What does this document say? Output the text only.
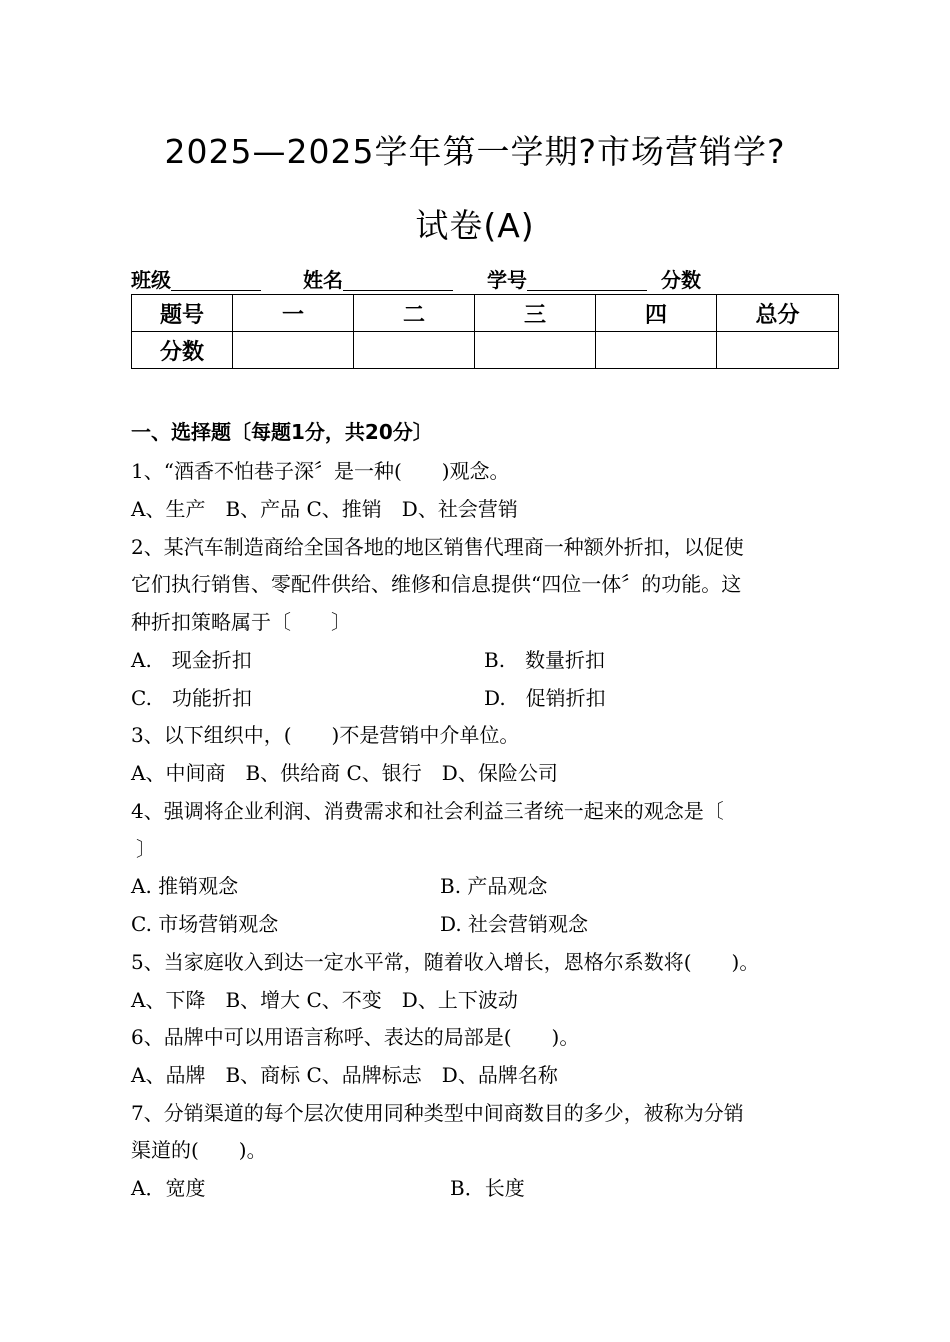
2025—2025学年第一学期?市场营销学?
试卷(A)
班级	姓名	学号	分数
题号	一	二	三	四	总分
分数					
一、选择题〔每题1分，共20分〕
1、“酒香不怕巷子深〞是一种(　　)观念。
A、生产　B、产品 C、推销　D、社会营销
2、某汽车制造商给全国各地的地区销售代理商一种额外折扣，以促使
它们执行销售、零配件供给、维修和信息提供“四位一体〞的功能。这
种折扣策略属于〔　　〕
A.　现金折扣	B.　数量折扣
C.　功能折扣	D.　促销折扣
3、以下组织中，(　　)不是营销中介单位。
A、中间商　B、供给商 C、银行　D、保险公司
4、强调将企业利润、消费需求和社会利益三者统一起来的观念是〔
〕
A. 推销观念	B. 产品观念
C. 市场营销观念	D. 社会营销观念
5、当家庭收入到达一定水平常，随着收入增长，恩格尔系数将(　　)。
A、下降　B、增大 C、不变　D、上下波动
6、品牌中可以用语言称呼、表达的局部是(　　)。
A、品牌　B、商标 C、品牌标志　D、品牌名称
7、分销渠道的每个层次使用同种类型中间商数目的多少，被称为分销
渠道的(　　)。
A．宽度	B．长度
